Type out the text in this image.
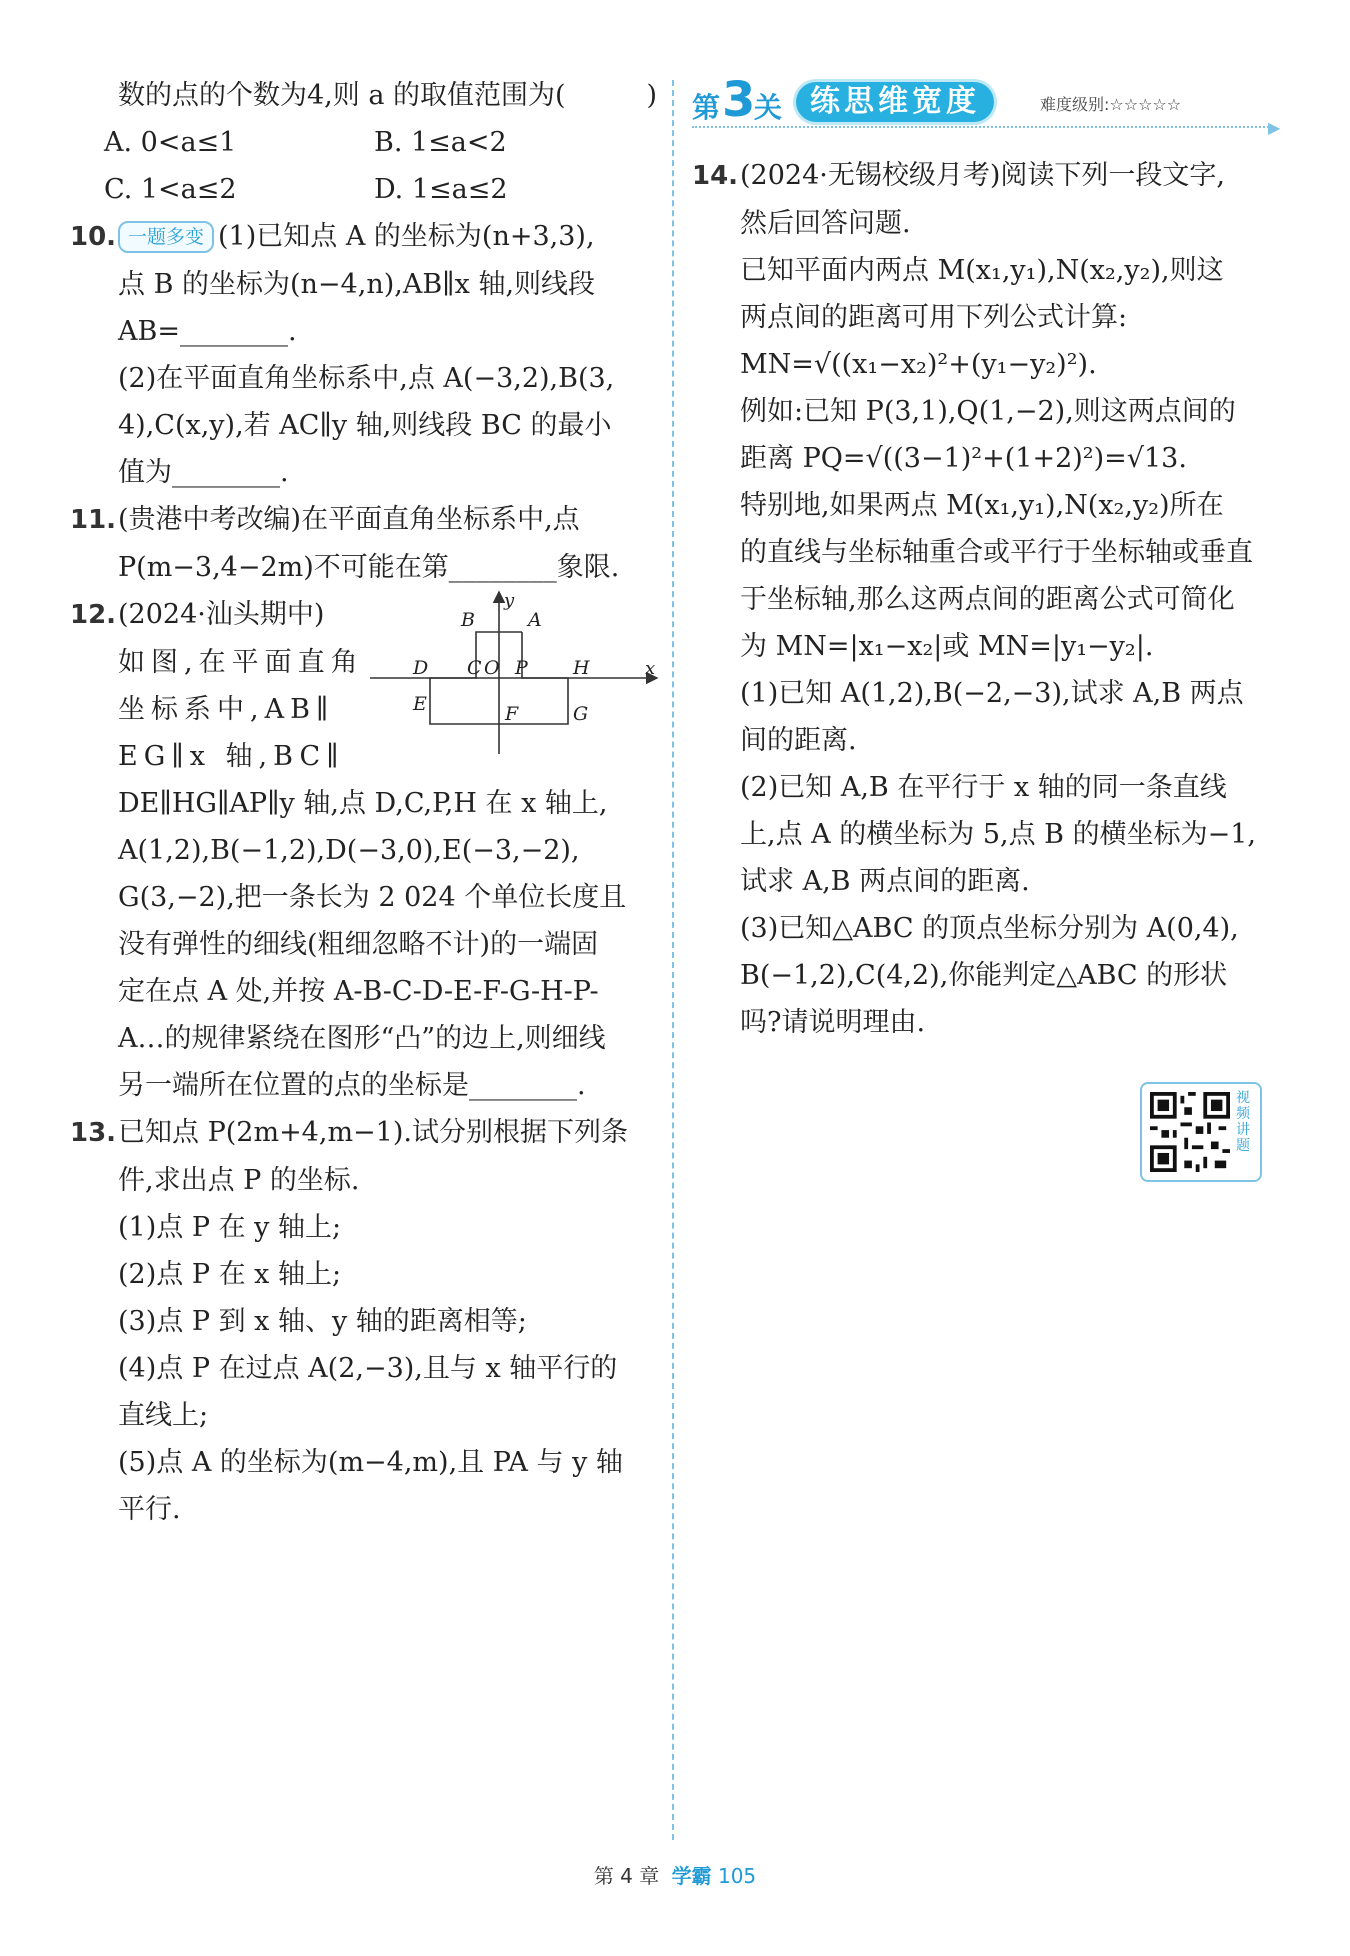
数的点的个数为4,则 a 的取值范围为(　　　)

A. 0<a≤1	B. 1≤a<2

C. 1<a≤2	D. 1≤a≤2

10. 一题多变 (1)已知点 A 的坐标为(n+3,3),

点 B 的坐标为(n−4,n),AB∥x 轴,则线段

AB=________.

(2)在平面直角坐标系中,点 A(−3,2),B(3,

4),C(x,y),若 AC∥y 轴,则线段 BC 的最小

值为________.

11.(贵港中考改编)在平面直角坐标系中,点

P(m−3,4−2m)不可能在第________象限.

12.(2024·汕头期中)

如图,在平面直角

坐标系中,AB∥

EG∥x 轴,BC∥

DE∥HG∥AP∥y 轴,点 D,C,P,H 在 x 轴上,

A(1,2),B(−1,2),D(−3,0),E(−3,−2),

G(3,−2),把一条长为 2 024 个单位长度且

没有弹性的细线(粗细忽略不计)的一端固

定在点 A 处,并按 A-B-C-D-E-F-G-H-P-

A…的规律紧绕在图形“凸”的边上,则细线

另一端所在位置的点的坐标是________.

13.已知点 P(2m+4,m−1).试分别根据下列条

件,求出点 P 的坐标.

(1)点 P 在 y 轴上;

(2)点 P 在 x 轴上;

(3)点 P 到 x 轴、y 轴的距离相等;

(4)点 P 在过点 A(2,−3),且与 x 轴平行的

直线上;

(5)点 A 的坐标为(m−4,m),且 PA 与 y 轴

平行.

B
y
A
D C O P H	x
E	F	G
第 3
关 练思维宽度	难度级别:☆☆☆☆☆
▶

14.(2024·无锡校级月考)阅读下列一段文字,

然后回答问题.

已知平面内两点 M(x₁,y₁),N(x₂,y₂),则这

两点间的距离可用下列公式计算:

MN=√((x₁−x₂)²+(y₁−y₂)²).

例如:已知 P(3,1),Q(1,−2),则这两点间的

距离 PQ=√((3−1)²+(1+2)²)=√13.

特别地,如果两点 M(x₁,y₁),N(x₂,y₂)所在

的直线与坐标轴重合或平行于坐标轴或垂直

于坐标轴,那么这两点间的距离公式可简化

为 MN=|x₁−x₂|或 MN=|y₁−y₂|.

(1)已知 A(1,2),B(−2,−3),试求 A,B 两点

间的距离.

(2)已知 A,B 在平行于 x 轴的同一条直线

上,点 A 的横坐标为 5,点 B 的横坐标为−1,

试求 A,B 两点间的距离.

(3)已知△ABC 的顶点坐标分别为 A(0,4),

B(−1,2),C(4,2),你能判定△ABC 的形状

吗?请说明理由.

视频讲题
第 4 章 学霸 105
